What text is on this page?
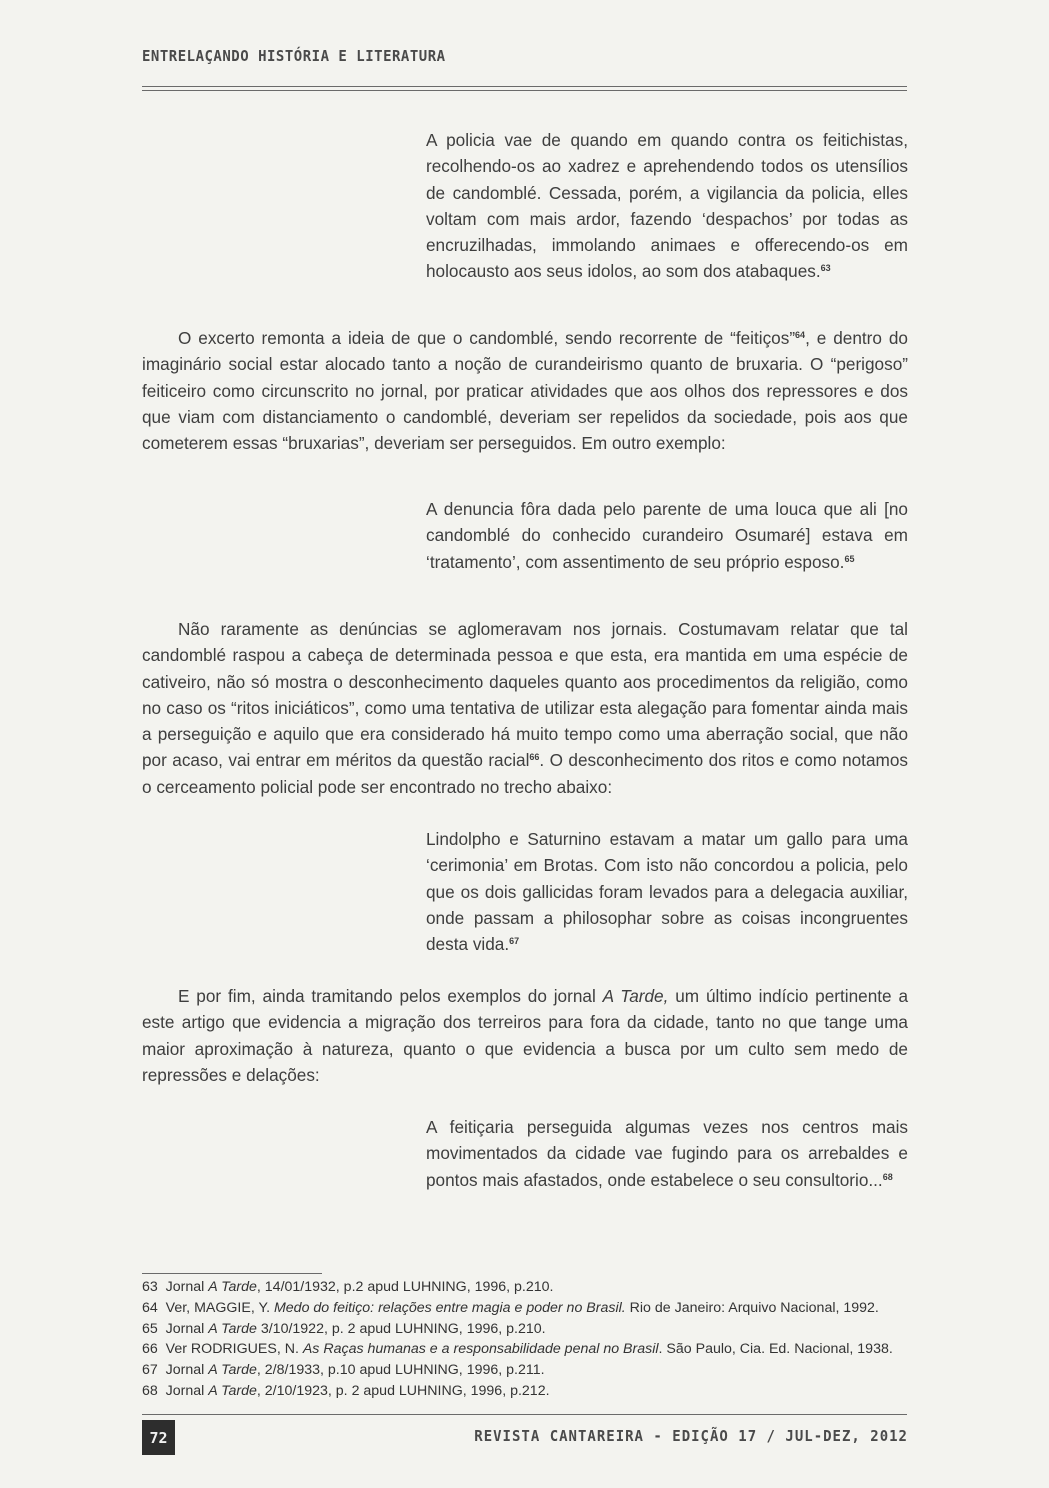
ENTRELAÇANDO HISTÓRIA E LITERATURA

A policia vae de quando em quando contra os feitichistas, recolhendo-os ao xadrez e aprehendendo todos os utensílios de candomblé. Cessada, porém, a vigilancia da policia, elles voltam com mais ardor, fazendo ‘despachos’ por todas as encruzilhadas, immolando animaes e offerecendo-os em holocausto aos seus idolos, ao som dos atabaques.$^{63}$

O excerto remonta a ideia de que o candomblé, sendo recorrente de “feitiços”$^{64}$, e dentro do imaginário social estar alocado tanto a noção de curandeirismo quanto de bruxaria. O “perigoso” feiticeiro como circunscrito no jornal, por praticar atividades que aos olhos dos repressores e dos que viam com distanciamento o candomblé, deveriam ser repelidos da sociedade, pois aos que cometerem essas “bruxarias”, deveriam ser perseguidos. Em outro exemplo:

A denuncia fôra dada pelo parente de uma louca que ali [no candomblé do conhecido curandeiro Osumaré] estava em ‘tratamento’, com assentimento de seu próprio esposo.$^{65}$

Não raramente as denúncias se aglomeravam nos jornais. Costumavam relatar que tal candomblé raspou a cabeça de determinada pessoa e que esta, era mantida em uma espécie de cativeiro, não só mostra o desconhecimento daqueles quanto aos procedimentos da religião, como no caso os “ritos iniciáticos”, como uma tentativa de utilizar esta alegação para fomentar ainda mais a perseguição e aquilo que era considerado há muito tempo como uma aberração social, que não por acaso, vai entrar em méritos da questão racial$^{66}$. O desconhecimento dos ritos e como notamos o cerceamento policial pode ser encontrado no trecho abaixo:

Lindolpho e Saturnino estavam a matar um gallo para uma ‘cerimonia’ em Brotas. Com isto não concordou a policia, pelo que os dois gallicidas foram levados para a delegacia auxiliar, onde passam a philosophar sobre as coisas incongruentes desta vida.$^{67}$

E por fim, ainda tramitando pelos exemplos do jornal A Tarde, um último indício pertinente a este artigo que evidencia a migração dos terreiros para fora da cidade, tanto no que tange uma maior aproximação à natureza, quanto o que evidencia a busca por um culto sem medo de repressões e delações:

A feitiçaria perseguida algumas vezes nos centros mais movimentados da cidade vae fugindo para os arrebaldes e pontos mais afastados, onde estabelece o seu consultorio...$^{68}$

63 Jornal A Tarde, 14/01/1932, p.2 apud LUHNING, 1996, p.210.
64 Ver, MAGGIE, Y. Medo do feitiço: relações entre magia e poder no Brasil. Rio de Janeiro: Arquivo Nacional, 1992.
65 Jornal A Tarde 3/10/1922, p. 2 apud LUHNING, 1996, p.210.
66 Ver RODRIGUES, N. As Raças humanas e a responsabilidade penal no Brasil. São Paulo, Cia. Ed. Nacional, 1938.
67 Jornal A Tarde, 2/8/1933, p.10 apud LUHNING, 1996, p.211.
68 Jornal A Tarde, 2/10/1923, p. 2 apud LUHNING, 1996, p.212.
72	REVISTA CANTAREIRA - EDIÇÃO 17 / JUL-DEZ, 2012
